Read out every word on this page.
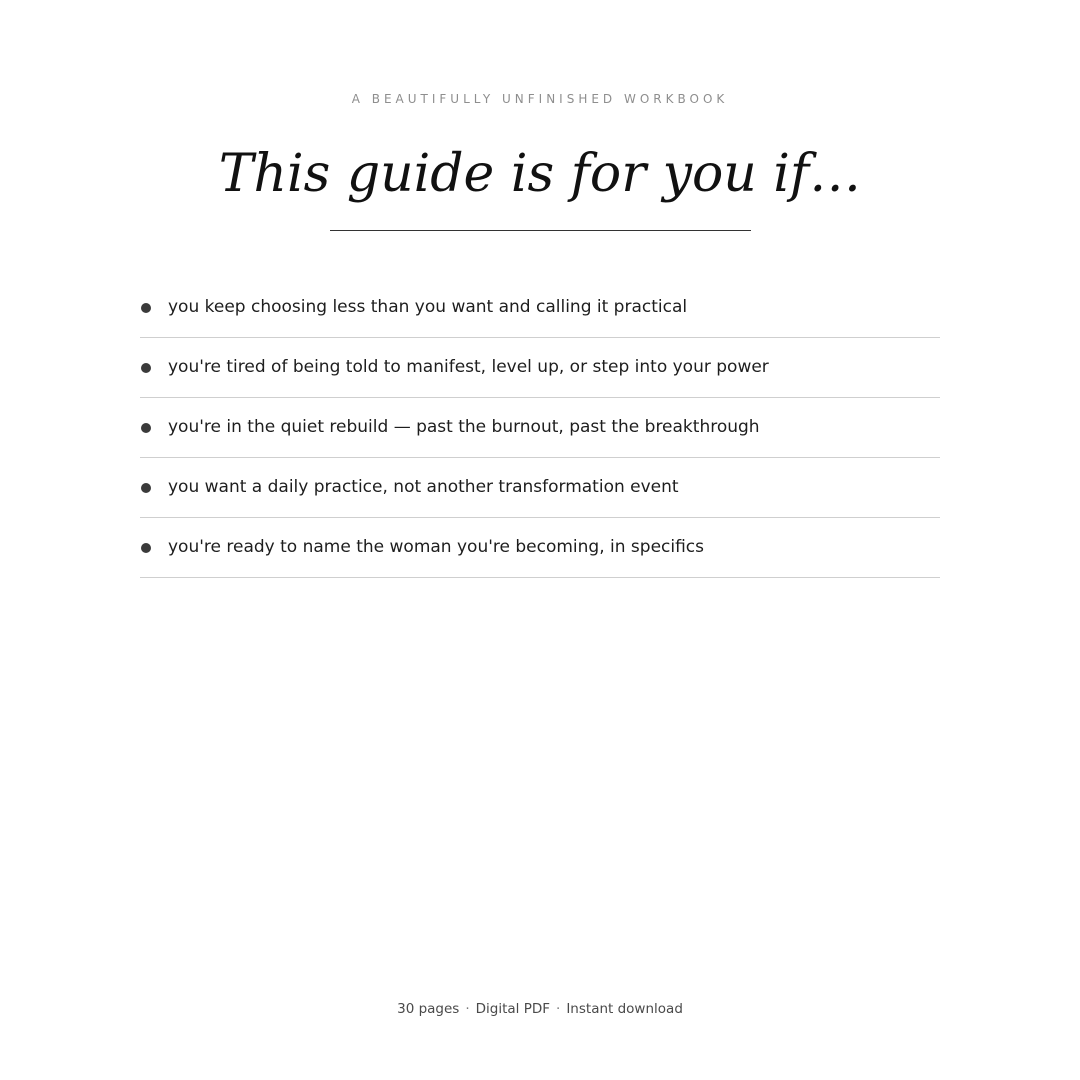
A BEAUTIFULLY UNFINISHED WORKBOOK
This guide is for you if…
you keep choosing less than you want and calling it practical
you're tired of being told to manifest, level up, or step into your power
you're in the quiet rebuild — past the burnout, past the breakthrough
you want a daily practice, not another transformation event
you're ready to name the woman you're becoming, in specifics
30 pages · Digital PDF · Instant download
